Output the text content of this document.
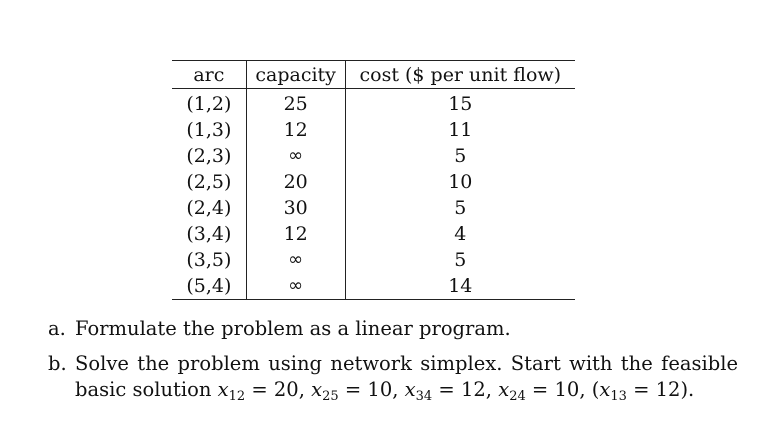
arc	capacity	cost ($ per unit flow)
(1,2)	25	15
(1,3)	12	11
(2,3)	∞	5
(2,5)	20	10
(2,4)	30	5
(3,4)	12	4
(3,5)	∞	5
(5,4)	∞	14
a. Formulate the problem as a linear program.
b. Solve the problem using network simplex. Start with the feasible basic solution $x_{12} = 20$, $x_{25} = 10$, $x_{34} = 12$, $x_{24} = 10$, $(x_{13} = 12)$.
